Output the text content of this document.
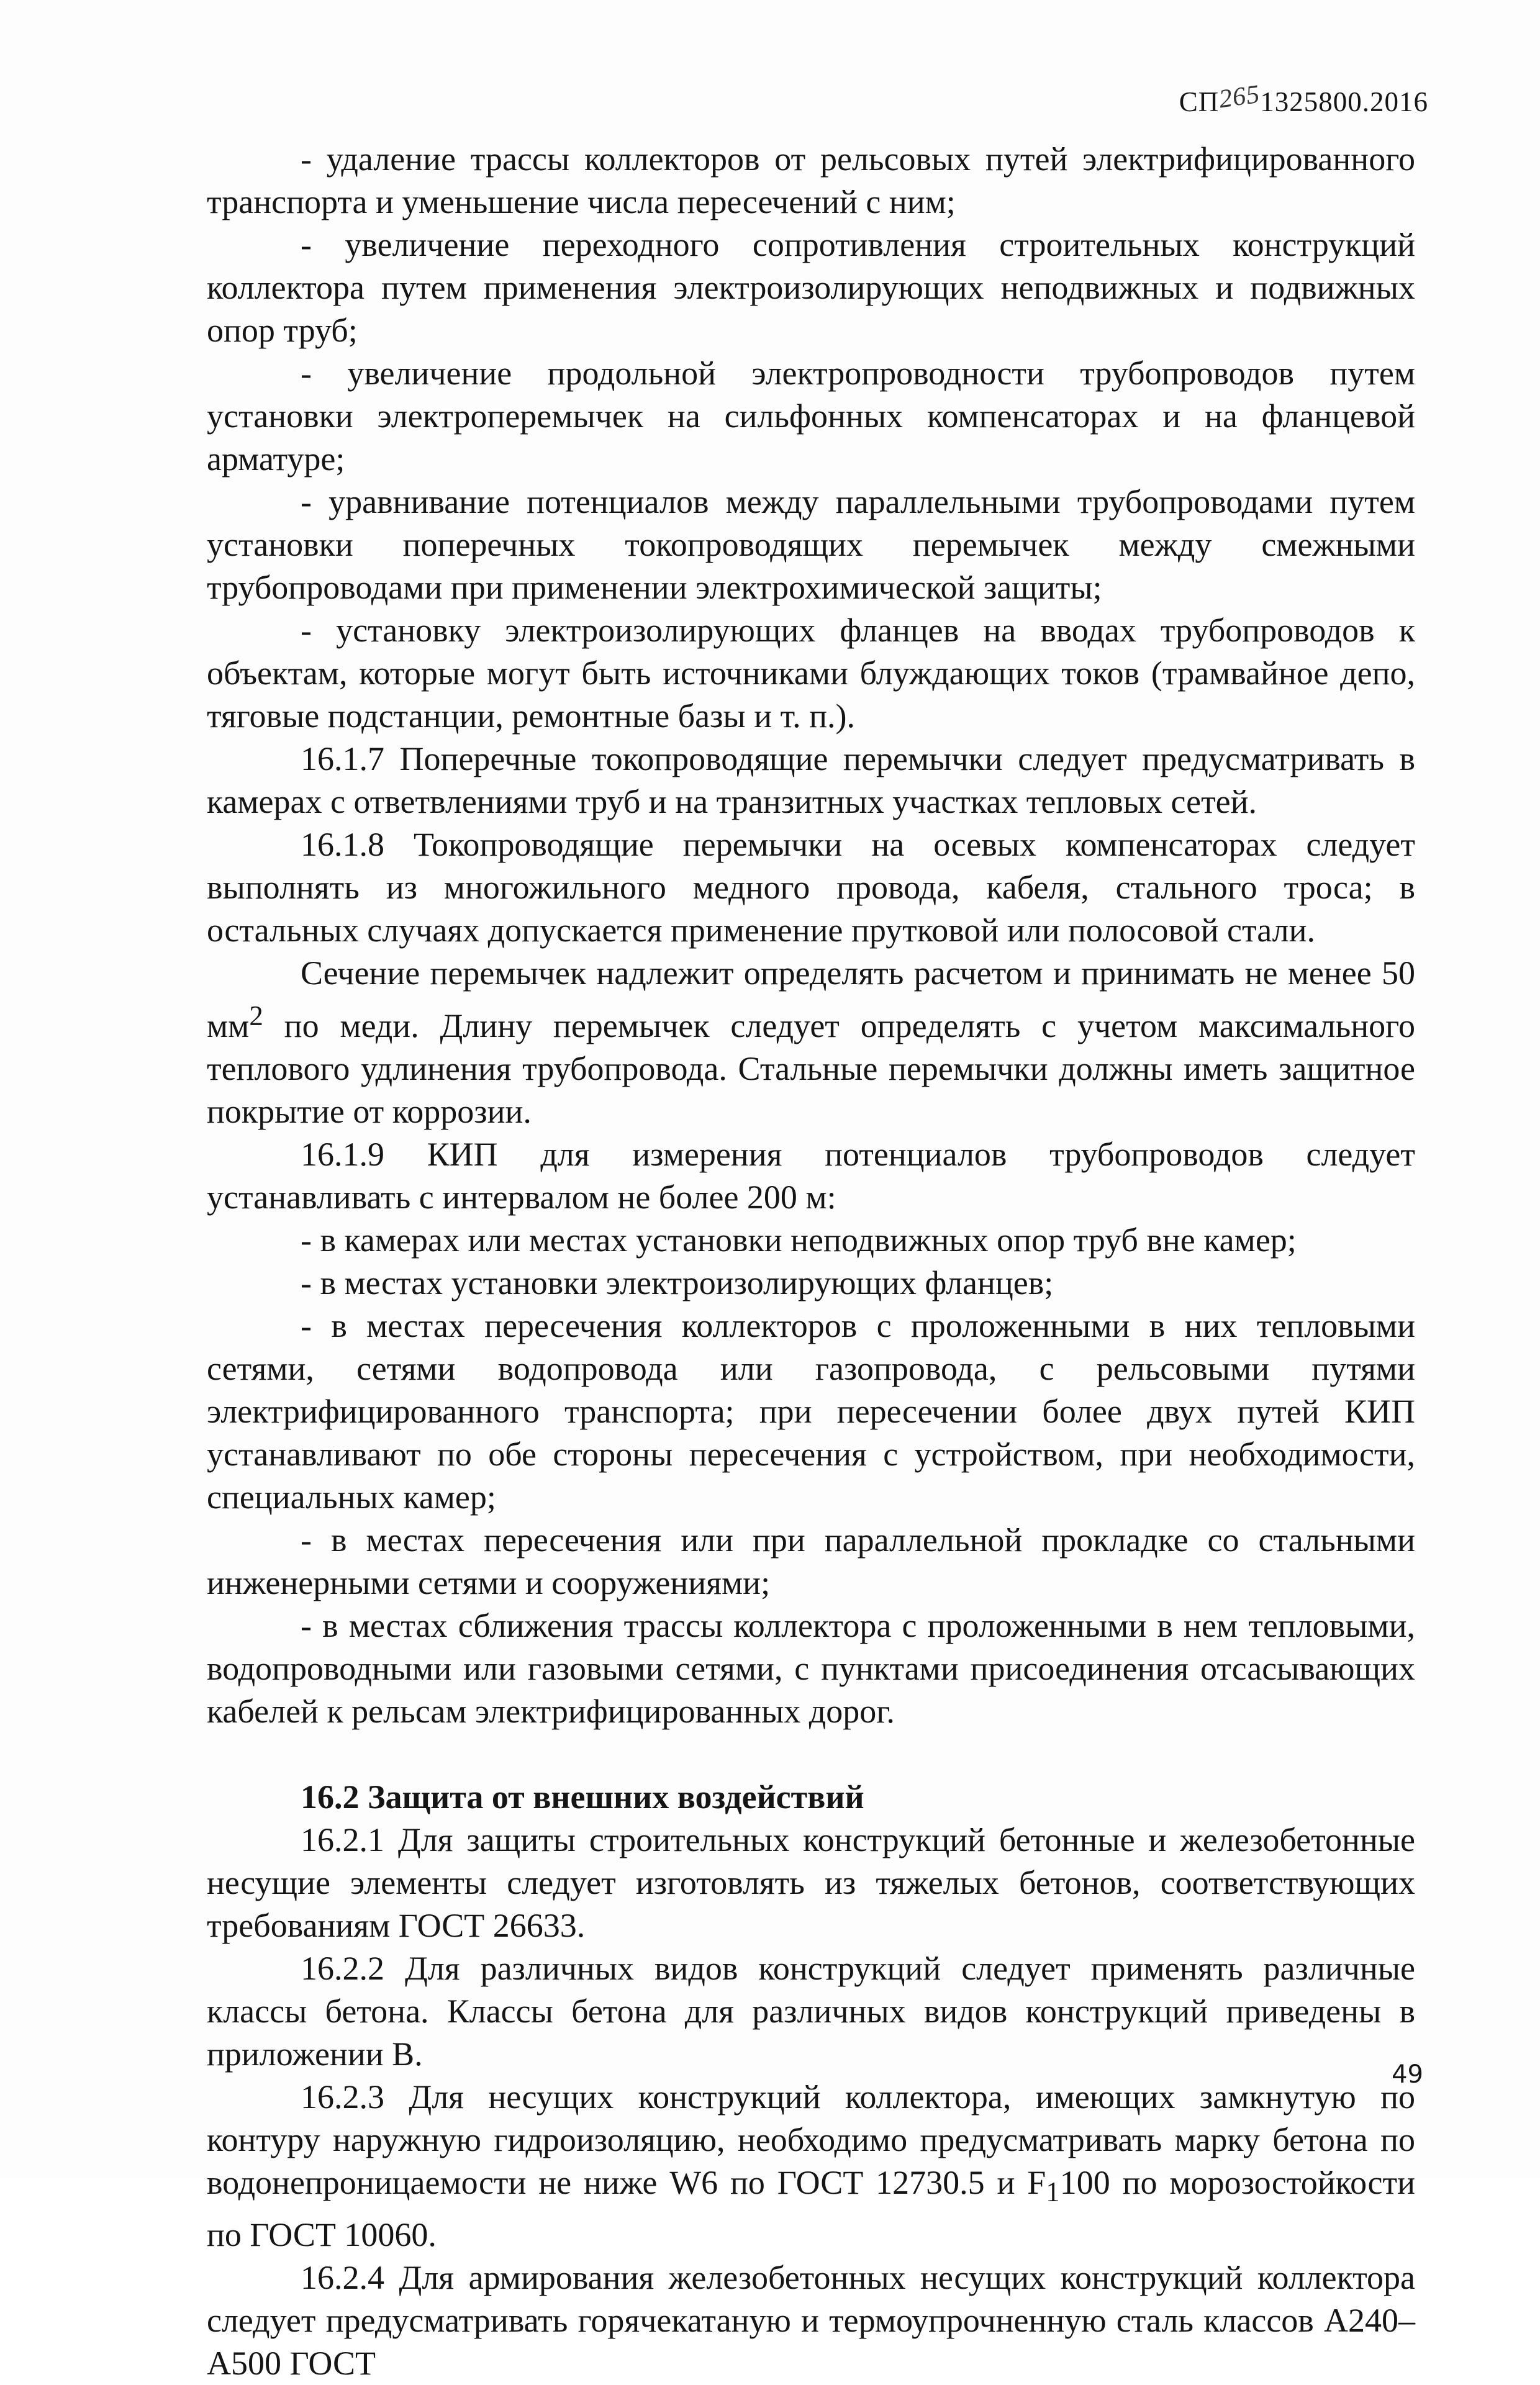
СП2651325800.2016

- удаление трассы коллекторов от рельсовых путей электрифицированного транспорта и уменьшение числа пересечений с ним;

- увеличение переходного сопротивления строительных конструкций коллектора путем применения электроизолирующих неподвижных и подвижных опор труб;

- увеличение продольной электропроводности трубопроводов путем установки электроперемычек на сильфонных компенсаторах и на фланцевой арматуре;

- уравнивание потенциалов между параллельными трубопроводами путем установки поперечных токопроводящих перемычек между смежными трубопроводами при применении электрохимической защиты;

- установку электроизолирующих фланцев на вводах трубопроводов к объектам, которые могут быть источниками блуждающих токов (трамвайное депо, тяговые подстанции, ремонтные базы и т. п.).

16.1.7 Поперечные токопроводящие перемычки следует предусматривать в камерах с ответвлениями труб и на транзитных участках тепловых сетей.

16.1.8 Токопроводящие перемычки на осевых компенсаторах следует выполнять из многожильного медного провода, кабеля, стального троса; в остальных случаях допускается применение прутковой или полосовой стали.

Сечение перемычек надлежит определять расчетом и принимать не менее 50 $мм^2$ по меди. Длину перемычек следует определять с учетом максимального теплового удлинения трубопровода. Стальные перемычки должны иметь защитное покрытие от коррозии.

16.1.9 КИП для измерения потенциалов трубопроводов следует устанавливать с интервалом не более 200 м:

- в камерах или местах установки неподвижных опор труб вне камер;

- в местах установки электроизолирующих фланцев;

- в местах пересечения коллекторов с проложенными в них тепловыми сетями, сетями водопровода или газопровода, с рельсовыми путями электрифицированного транспорта; при пересечении более двух путей КИП устанавливают по обе стороны пересечения с устройством, при необходимости, специальных камер;

- в местах пересечения или при параллельной прокладке со стальными инженерными сетями и сооружениями;

- в местах сближения трассы коллектора с проложенными в нем тепловыми, водопроводными или газовыми сетями, с пунктами присоединения отсасывающих кабелей к рельсам электрифицированных дорог.

16.2 Защита от внешних воздействий

16.2.1 Для защиты строительных конструкций бетонные и железобетонные несущие элементы следует изготовлять из тяжелых бетонов, соответствующих требованиям ГОСТ 26633.

16.2.2 Для различных видов конструкций следует применять различные классы бетона. Классы бетона для различных видов конструкций приведены в приложении В.

16.2.3 Для несущих конструкций коллектора, имеющих замкнутую по контуру наружную гидроизоляцию, необходимо предусматривать марку бетона по водонепроницаемости не ниже W6 по ГОСТ 12730.5 и $F_1100$ по морозостойкости по ГОСТ 10060.

16.2.4 Для армирования железобетонных несущих конструкций коллектора следует предусматривать горячекатаную и термоупрочненную сталь классов А240–А500 ГОСТ

49
